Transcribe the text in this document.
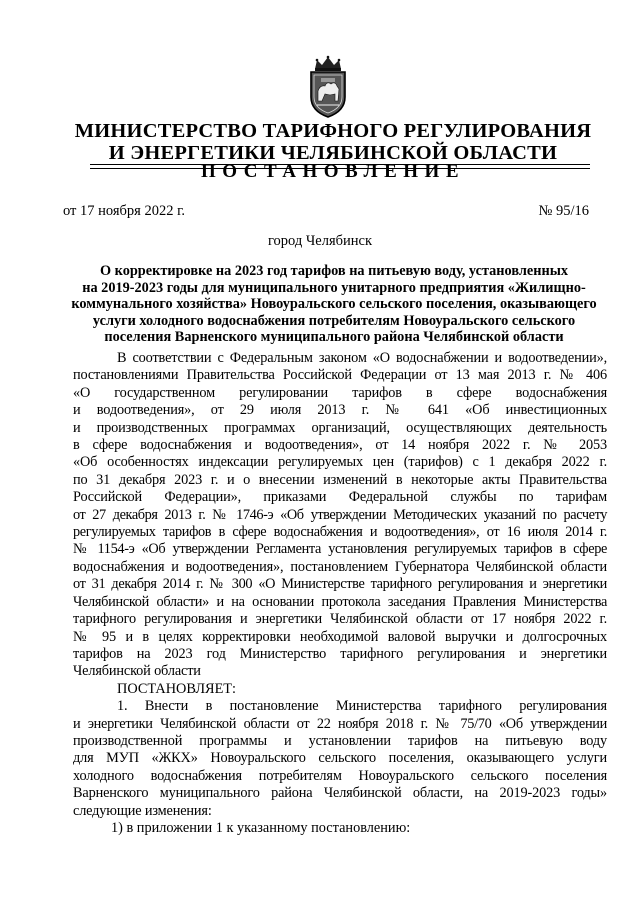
МИНИСТЕРСТВО ТАРИФНОГО РЕГУЛИРОВАНИЯ
И ЭНЕРГЕТИКИ ЧЕЛЯБИНСКОЙ ОБЛАСТИ
ПОСТАНОВЛЕНИЕ
от 17 ноября 2022 г.	№ 95/16
город Челябинск
О корректировке на 2023 год тарифов на питьевую воду, установленных
на 2019-2023 годы для муниципального унитарного предприятия «Жилищно-
коммунального хозяйства» Новоуральского сельского поселения, оказывающего
услуги холодного водоснабжения потребителям Новоуральского сельского
поселения Варненского муниципального района Челябинской области
В соответствии с Федеральным законом «О водоснабжении и водоотведении»,
постановлениями Правительства Российской Федерации от 13 мая 2013 г. № 406
«О государственном регулировании тарифов в сфере водоснабжения
и водоотведения», от 29 июля 2013 г. № 641 «Об инвестиционных
и производственных программах организаций, осуществляющих деятельность
в сфере водоснабжения и водоотведения», от 14 ноября 2022 г. № 2053
«Об особенностях индексации регулируемых цен (тарифов) с 1 декабря 2022 г.
по 31 декабря 2023 г. и о внесении изменений в некоторые акты Правительства
Российской Федерации», приказами Федеральной службы по тарифам
от 27 декабря 2013 г. № 1746-э «Об утверждении Методических указаний по расчету
регулируемых тарифов в сфере водоснабжения и водоотведения», от 16 июля 2014 г.
№ 1154-э «Об утверждении Регламента установления регулируемых тарифов в сфере
водоснабжения и водоотведения», постановлением Губернатора Челябинской области
от 31 декабря 2014 г. № 300 «О Министерстве тарифного регулирования и энергетики
Челябинской области» и на основании протокола заседания Правления Министерства
тарифного регулирования и энергетики Челябинской области от 17 ноября 2022 г.
№ 95 и в целях корректировки необходимой валовой выручки и долгосрочных
тарифов на 2023 год Министерство тарифного регулирования и энергетики
Челябинской области
ПОСТАНОВЛЯЕТ:
1. Внести в постановление Министерства тарифного регулирования
и энергетики Челябинской области от 22 ноября 2018 г. № 75/70 «Об утверждении
производственной программы и установлении тарифов на питьевую воду
для МУП «ЖКХ» Новоуральского сельского поселения, оказывающего услуги
холодного водоснабжения потребителям Новоуральского сельского поселения
Варненского муниципального района Челябинской области, на 2019-2023 годы»
следующие изменения:
1) в приложении 1 к указанному постановлению:
